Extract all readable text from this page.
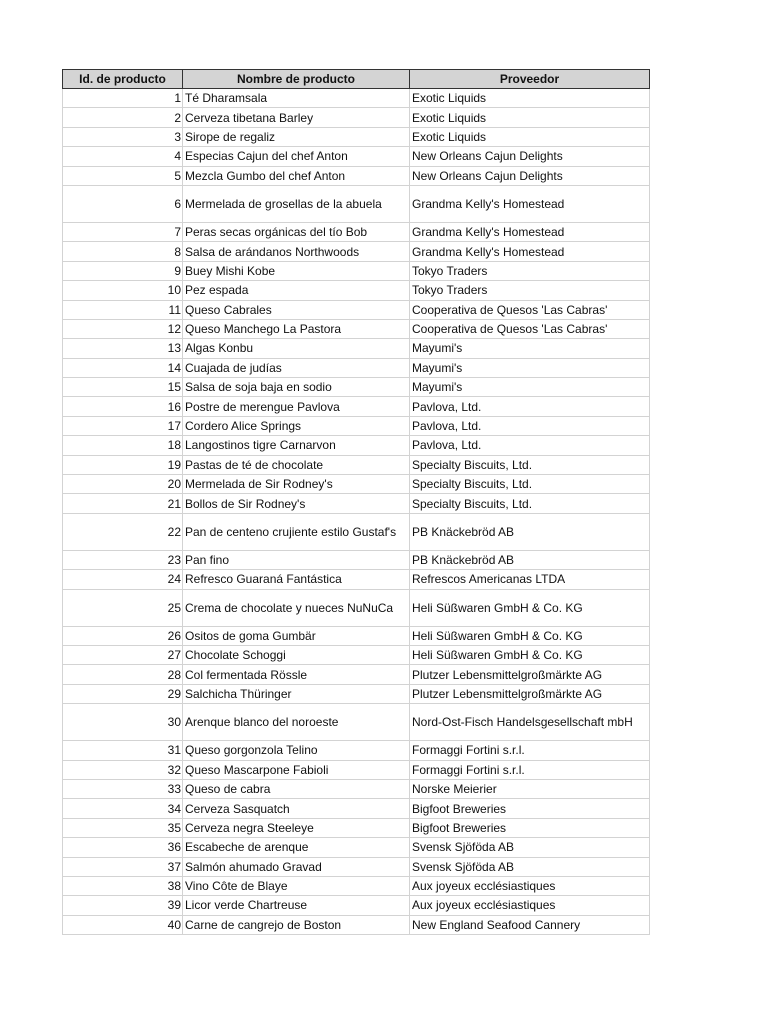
Id. de producto	Nombre de producto	Proveedor
1	Té Dharamsala	Exotic Liquids
2	Cerveza tibetana Barley	Exotic Liquids
3	Sirope de regaliz	Exotic Liquids
4	Especias Cajun del chef Anton	New Orleans Cajun Delights
5	Mezcla Gumbo del chef Anton	New Orleans Cajun Delights
6	Mermelada de grosellas de la abuela	Grandma Kelly's Homestead
7	Peras secas orgánicas del tío Bob	Grandma Kelly's Homestead
8	Salsa de arándanos Northwoods	Grandma Kelly's Homestead
9	Buey Mishi Kobe	Tokyo Traders
10	Pez espada	Tokyo Traders
11	Queso Cabrales	Cooperativa de Quesos 'Las Cabras'
12	Queso Manchego La Pastora	Cooperativa de Quesos 'Las Cabras'
13	Algas Konbu	Mayumi's
14	Cuajada de judías	Mayumi's
15	Salsa de soja baja en sodio	Mayumi's
16	Postre de merengue Pavlova	Pavlova, Ltd.
17	Cordero Alice Springs	Pavlova, Ltd.
18	Langostinos tigre Carnarvon	Pavlova, Ltd.
19	Pastas de té de chocolate	Specialty Biscuits, Ltd.
20	Mermelada de Sir Rodney's	Specialty Biscuits, Ltd.
21	Bollos de Sir Rodney's	Specialty Biscuits, Ltd.
22	Pan de centeno crujiente estilo Gustaf's	PB Knäckebröd AB
23	Pan fino	PB Knäckebröd AB
24	Refresco Guaraná Fantástica	Refrescos Americanas LTDA
25	Crema de chocolate y nueces NuNuCa	Heli Süßwaren GmbH & Co. KG
26	Ositos de goma Gumbär	Heli Süßwaren GmbH & Co. KG
27	Chocolate Schoggi	Heli Süßwaren GmbH & Co. KG
28	Col fermentada Rössle	Plutzer Lebensmittelgroßmärkte AG
29	Salchicha Thüringer	Plutzer Lebensmittelgroßmärkte AG
30	Arenque blanco del noroeste	Nord-Ost-Fisch Handelsgesellschaft mbH
31	Queso gorgonzola Telino	Formaggi Fortini s.r.l.
32	Queso Mascarpone Fabioli	Formaggi Fortini s.r.l.
33	Queso de cabra	Norske Meierier
34	Cerveza Sasquatch	Bigfoot Breweries
35	Cerveza negra Steeleye	Bigfoot Breweries
36	Escabeche de arenque	Svensk Sjöföda AB
37	Salmón ahumado Gravad	Svensk Sjöföda AB
38	Vino Côte de Blaye	Aux joyeux ecclésiastiques
39	Licor verde Chartreuse	Aux joyeux ecclésiastiques
40	Carne de cangrejo de Boston	New England Seafood Cannery
